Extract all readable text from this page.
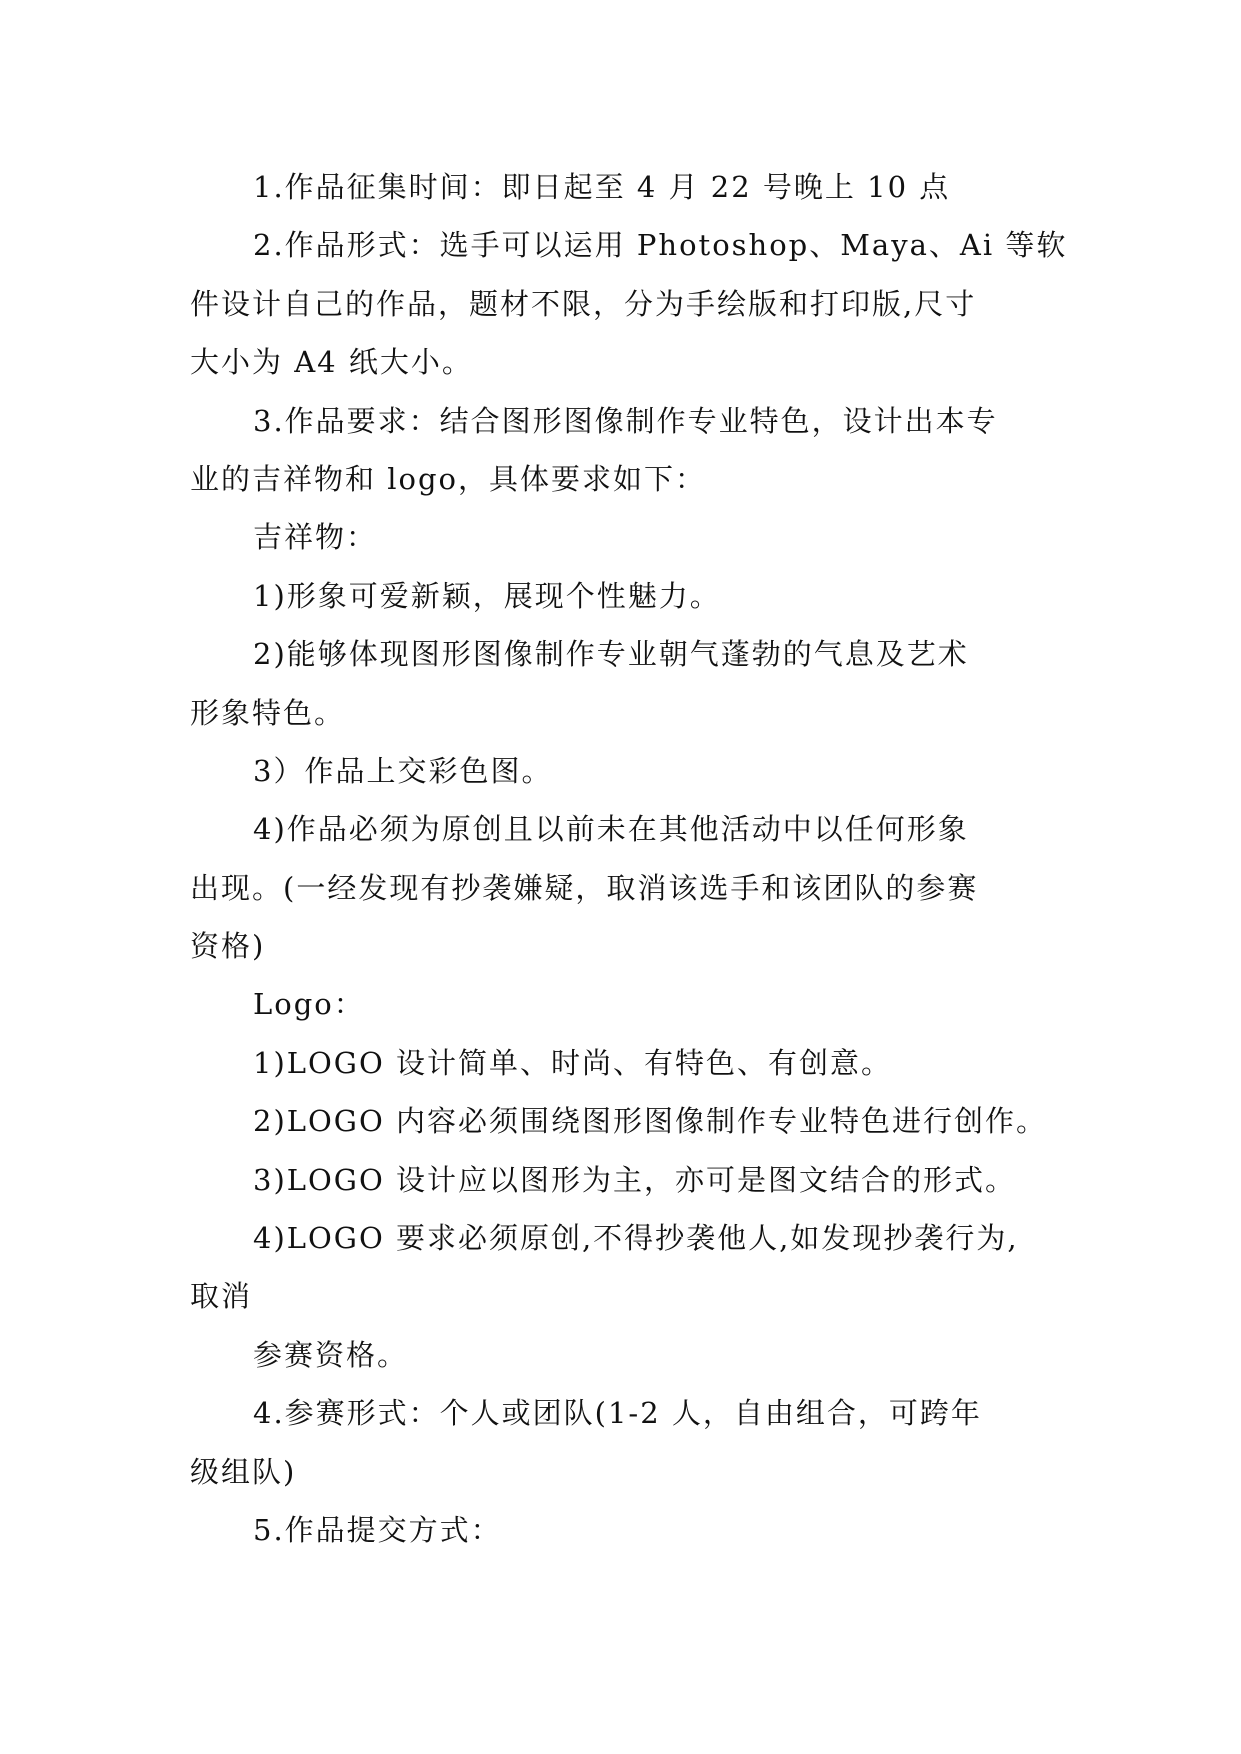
1.作品征集时间：即日起至 4 月 22 号晚上 10 点
2.作品形式：选手可以运用 Photoshop、Maya、Ai 等软
件设计自己的作品，题材不限，分为手绘版和打印版,尺寸
大小为 A4 纸大小。
3.作品要求：结合图形图像制作专业特色，设计出本专
业的吉祥物和 logo，具体要求如下：
吉祥物：
1)形象可爱新颖，展现个性魅力。
2)能够体现图形图像制作专业朝气蓬勃的气息及艺术
形象特色。
3）作品上交彩色图。
4)作品必须为原创且以前未在其他活动中以任何形象
出现。(一经发现有抄袭嫌疑，取消该选手和该团队的参赛
资格)
Logo：
1)LOGO 设计简单、时尚、有特色、有创意。
2)LOGO 内容必须围绕图形图像制作专业特色进行创作。
3)LOGO 设计应以图形为主，亦可是图文结合的形式。
4)LOGO 要求必须原创,不得抄袭他人,如发现抄袭行为,
取消
参赛资格。
4.参赛形式：个人或团队(1-2 人，自由组合，可跨年
级组队)
5.作品提交方式：
